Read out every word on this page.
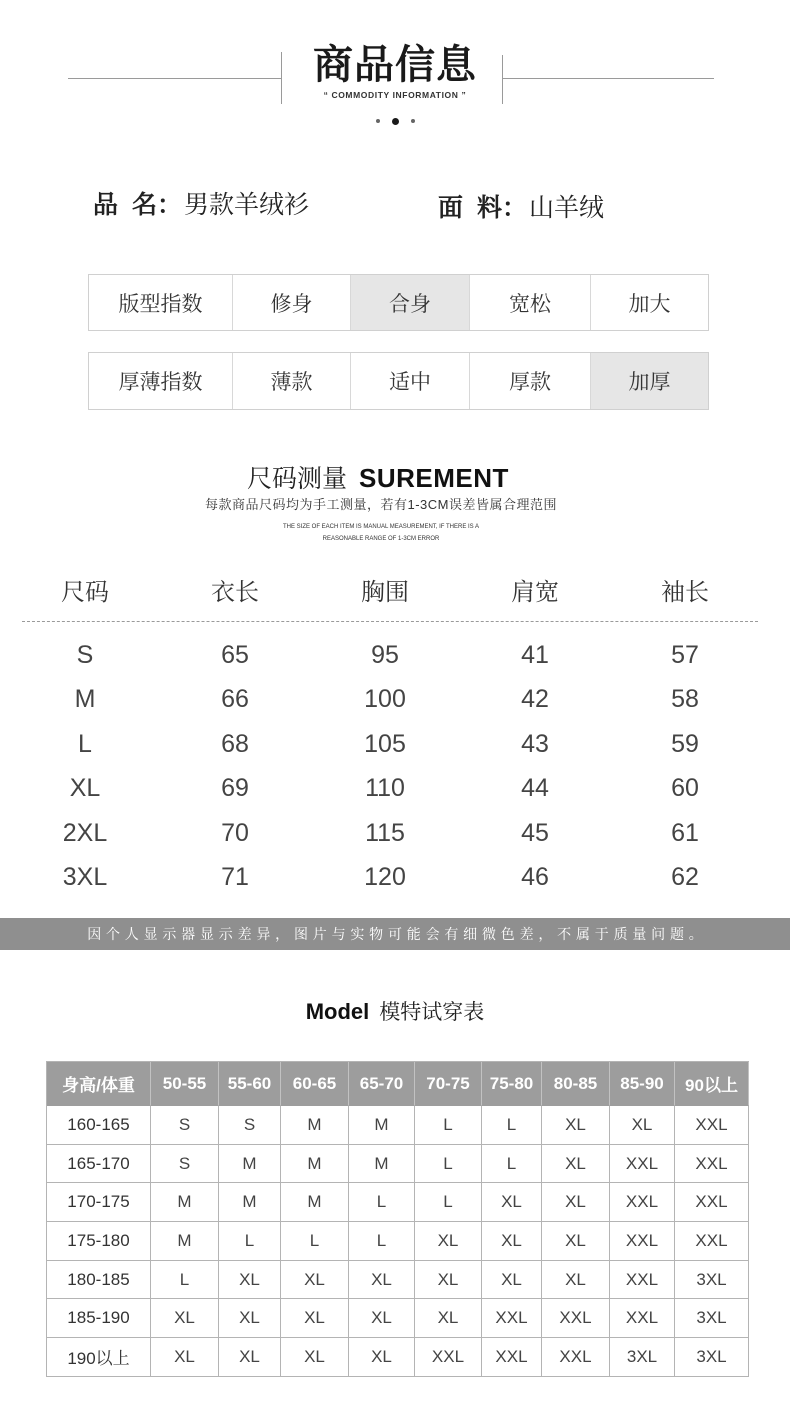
商品信息
“ COMMODITY INFORMATION ”
品 名：男款羊绒衫	面 料：山羊绒
版型指数	修身	合身	宽松	加大
厚薄指数	薄款	适中	厚款	加厚
尺码测量 SUREMENT
每款商品尺码均为手工测量，若有1-3CM误差皆属合理范围
THE SIZE OF EACH ITEM IS MANUAL MEASUREMENT, IF THERE IS A
REASONABLE RANGE OF 1-3CM ERROR
尺码	衣长	胸围	肩宽	袖长
S	65	95	41	57
M	66	100	42	58
L	68	105	43	59
XL	69	110	44	60
2XL	70	115	45	61
3XL	71	120	46	62
因个人显示器显示差异，图片与实物可能会有细微色差，不属于质量问题。
Model 模特试穿表
身高/体重	50-55	55-60	60-65	65-70	70-75	75-80	80-85	85-90	90以上
160-165	S	S	M	M	L	L	XL	XL	XXL
165-170	S	M	M	M	L	L	XL	XXL	XXL
170-175	M	M	M	L	L	XL	XL	XXL	XXL
175-180	M	L	L	L	XL	XL	XL	XXL	XXL
180-185	L	XL	XL	XL	XL	XL	XL	XXL	3XL
185-190	XL	XL	XL	XL	XL	XXL	XXL	XXL	3XL
190以上	XL	XL	XL	XL	XXL	XXL	XXL	3XL	3XL
